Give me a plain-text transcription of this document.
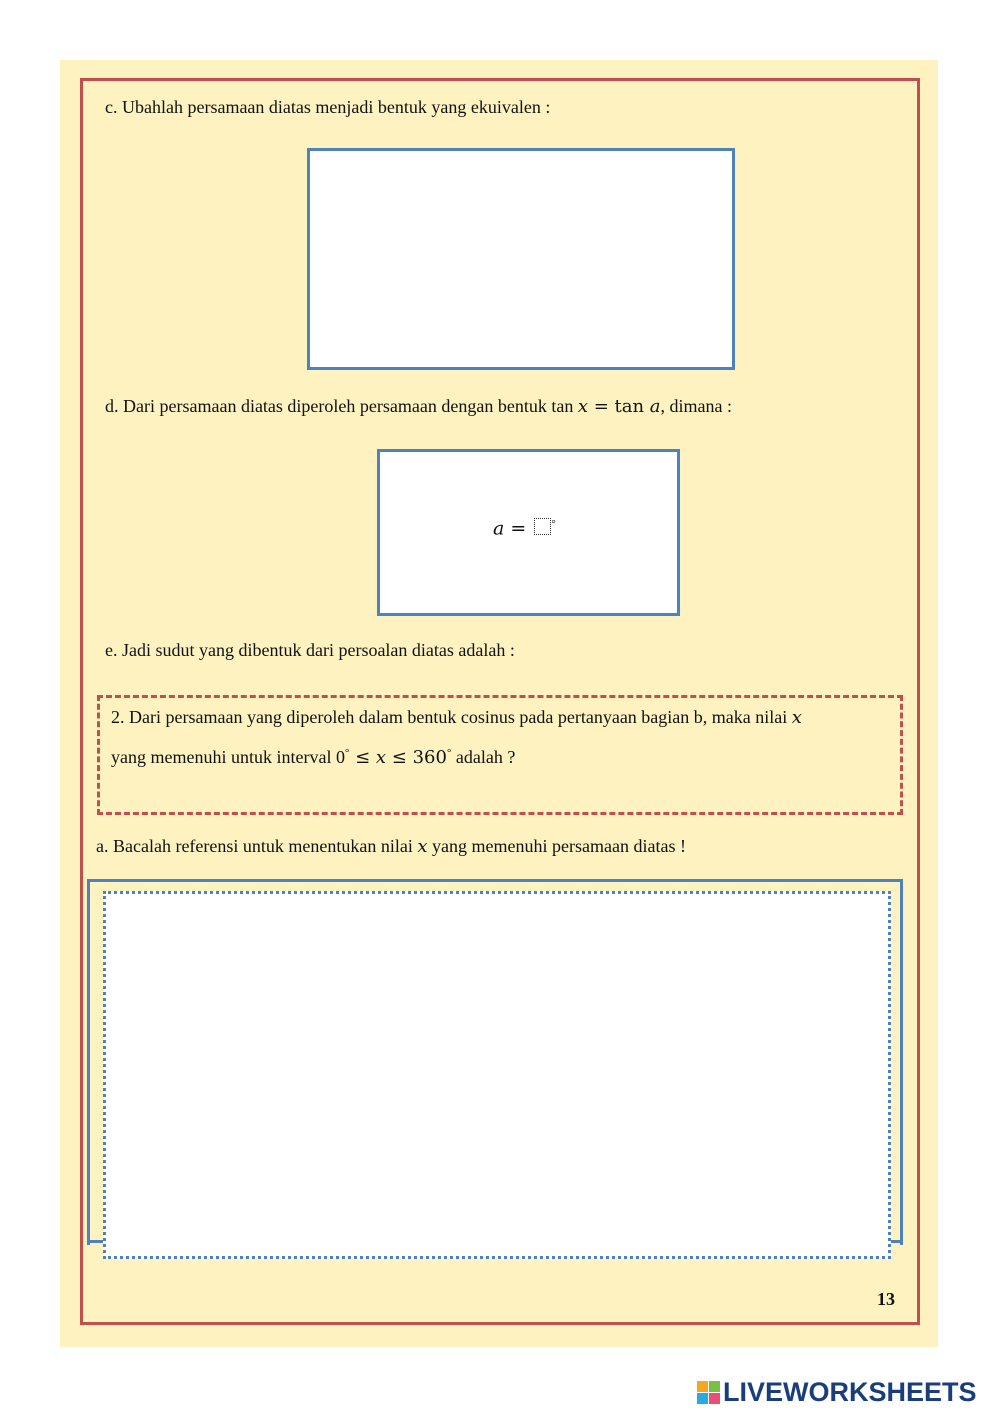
c. Ubahlah persamaan diatas menjadi bentuk yang ekuivalen :
d. Dari persamaan diatas diperoleh persamaan dengan bentuk tan x = tan a, dimana :
a = °
e. Jadi sudut yang dibentuk dari persoalan diatas adalah :
2. Dari persamaan yang diperoleh dalam bentuk cosinus pada pertanyaan bagian b, maka nilai x
yang memenuhi untuk interval 0° ≤ x ≤ 360° adalah ?
a. Bacalah referensi untuk menentukan nilai x yang memenuhi persamaan diatas !
13
LIVEWORKSHEETS
